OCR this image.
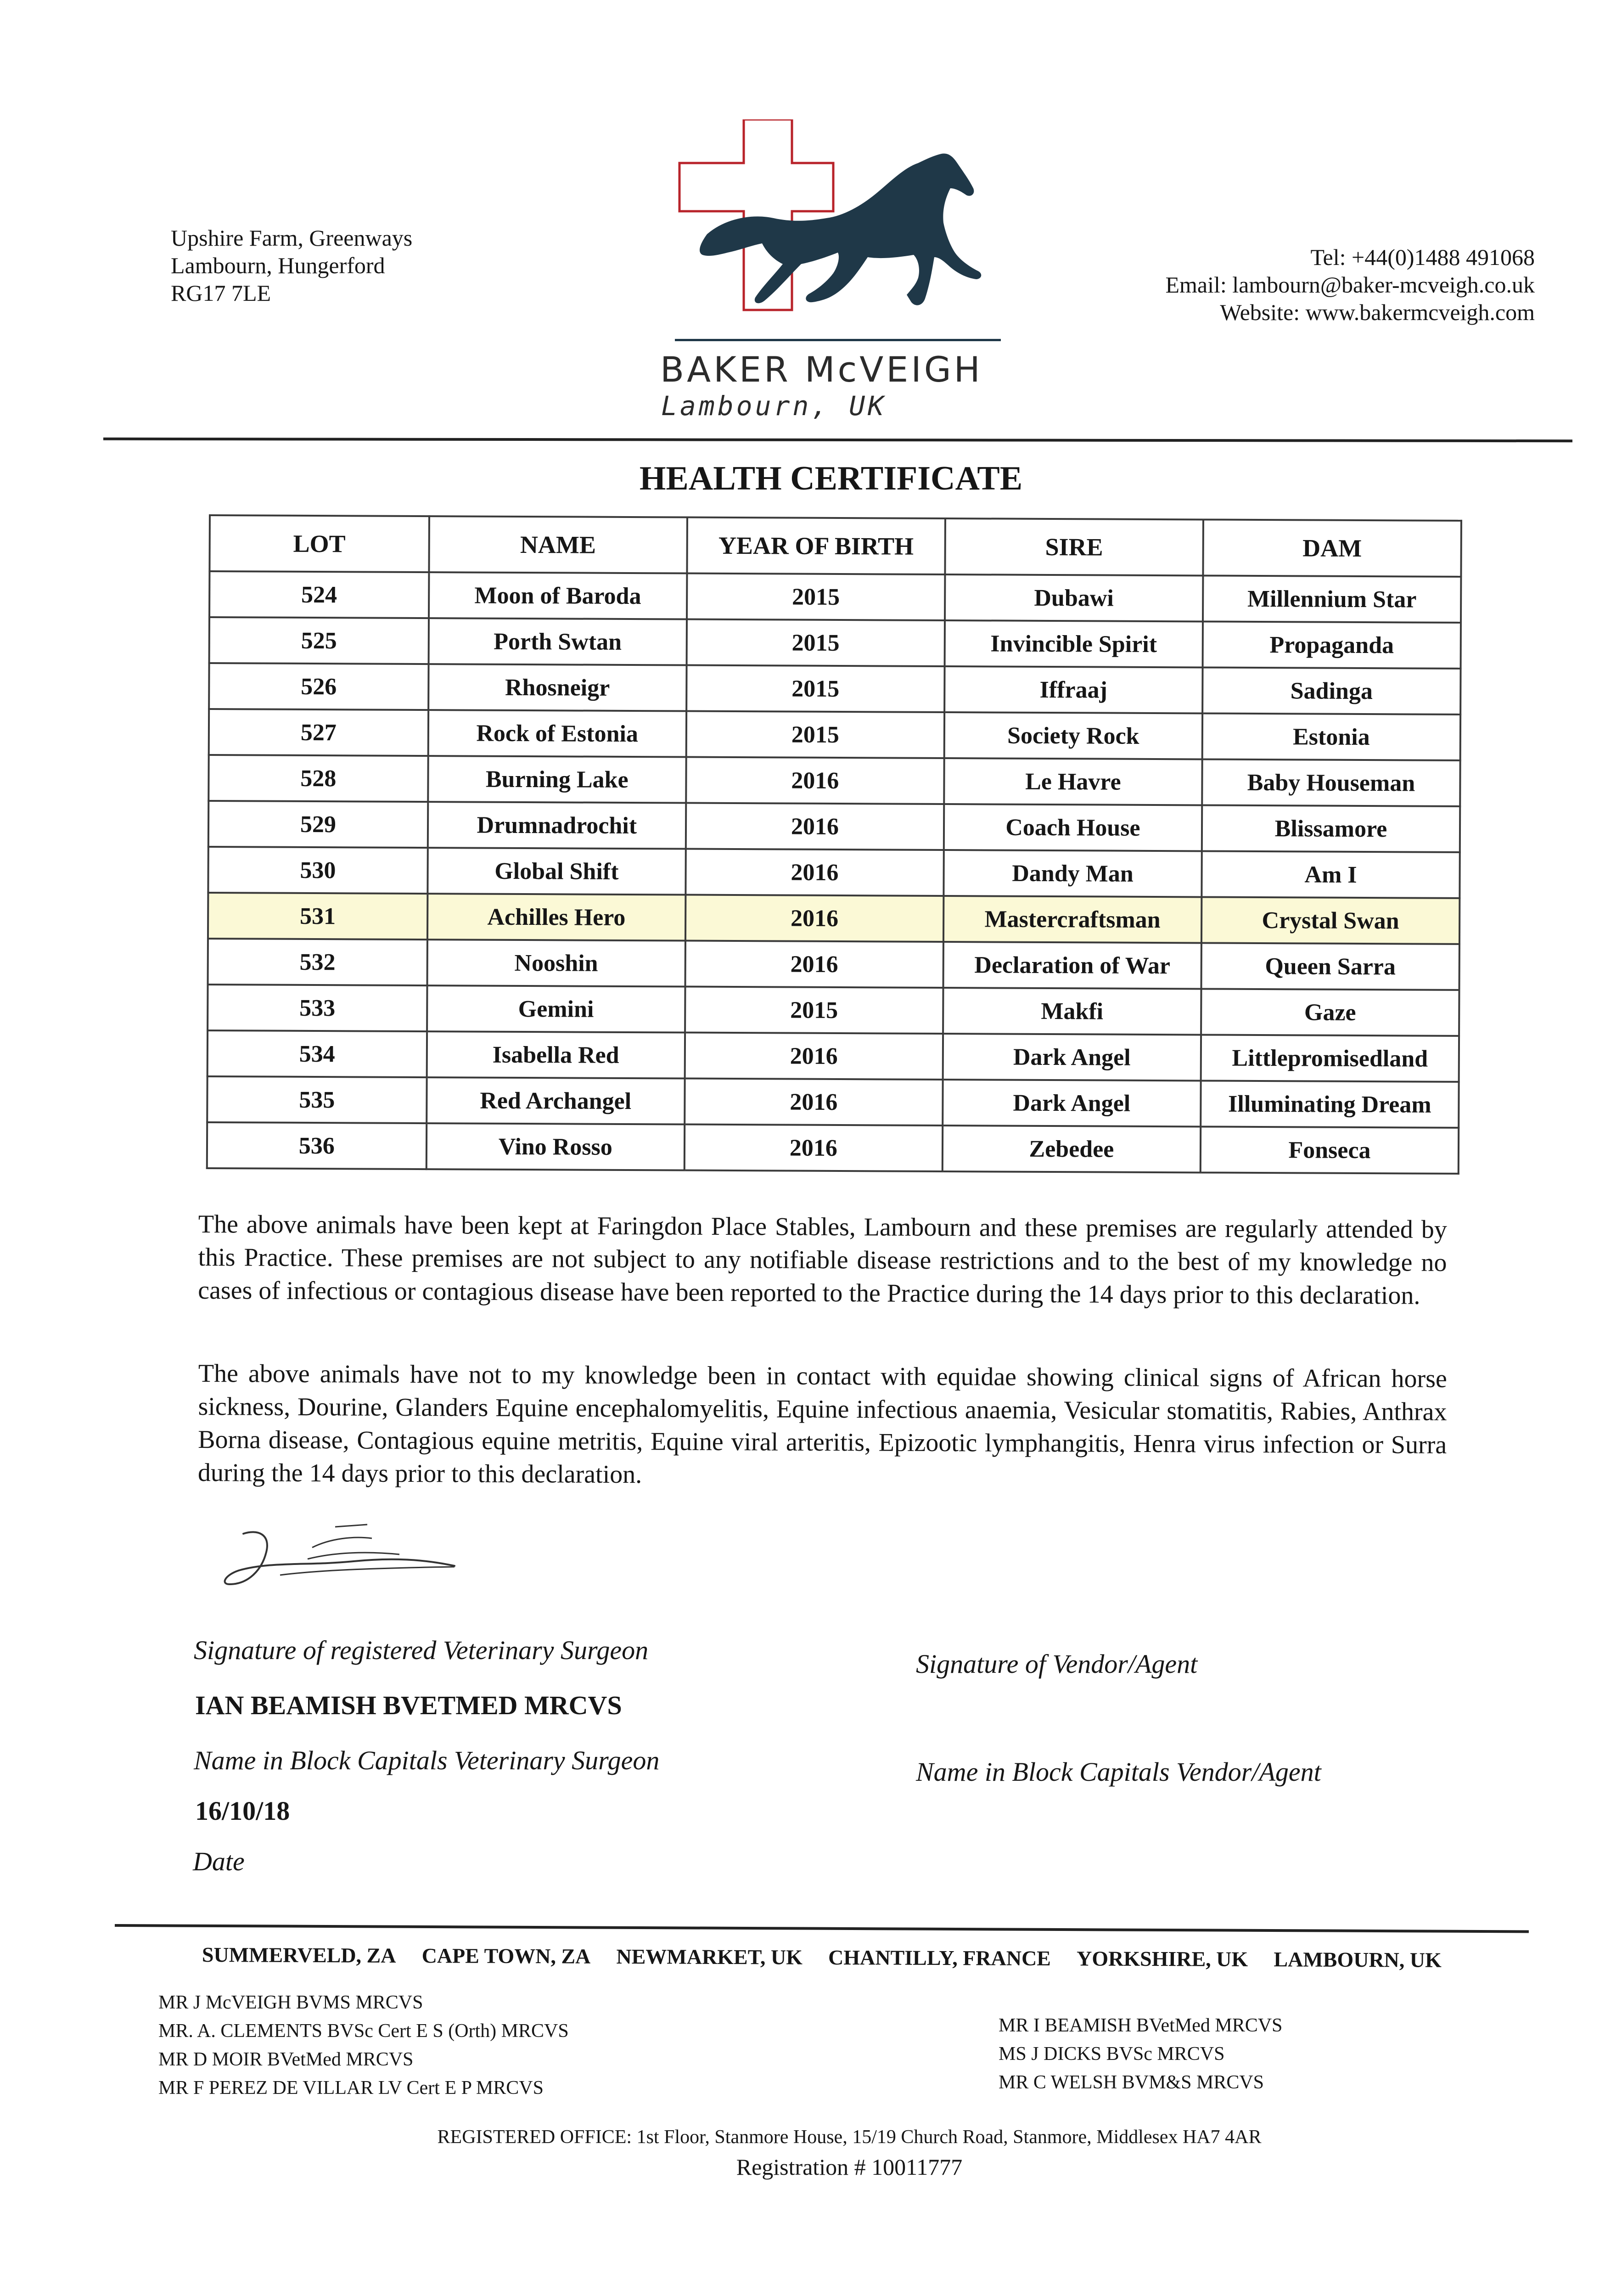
Upshire Farm, Greenways
Lambourn, Hungerford
RG17 7LE
BAKER McVEIGH
Lambourn, UK
Tel: +44(0)1488 491068
Email: lambourn@baker-mcveigh.co.uk
Website: www.bakermcveigh.com
HEALTH CERTIFICATE
LOT	NAME	YEAR OF BIRTH	SIRE	DAM
524	Moon of Baroda	2015	Dubawi	Millennium Star
525	Porth Swtan	2015	Invincible Spirit	Propaganda
526	Rhosneigr	2015	Iffraaj	Sadinga
527	Rock of Estonia	2015	Society Rock	Estonia
528	Burning Lake	2016	Le Havre	Baby Houseman
529	Drumnadrochit	2016	Coach House	Blissamore
530	Global Shift	2016	Dandy Man	Am I
531	Achilles Hero	2016	Mastercraftsman	Crystal Swan
532	Nooshin	2016	Declaration of War	Queen Sarra
533	Gemini	2015	Makfi	Gaze
534	Isabella Red	2016	Dark Angel	Littlepromisedland
535	Red Archangel	2016	Dark Angel	Illuminating Dream
536	Vino Rosso	2016	Zebedee	Fonseca
The above animals have been kept at Faringdon Place Stables, Lambourn and these premises are regularly attended by this Practice. These premises are not subject to any notifiable disease restrictions and to the best of my knowledge no cases of infectious or contagious disease have been reported to the Practice during the 14 days prior to this declaration.
The above animals have not to my knowledge been in contact with equidae showing clinical signs of African horse sickness, Dourine, Glanders Equine encephalomyelitis, Equine infectious anaemia, Vesicular stomatitis, Rabies, Anthrax Borna disease, Contagious equine metritis, Equine viral arteritis, Epizootic lymphangitis, Henra virus infection or Surra during the 14 days prior to this declaration.
Signature of registered Veterinary Surgeon
IAN BEAMISH BVETMED MRCVS
Name in Block Capitals Veterinary Surgeon
16/10/18
Date
Signature of Vendor/Agent
Name in Block Capitals Vendor/Agent
SUMMERVELD, ZA CAPE TOWN, ZA NEWMARKET, UK CHANTILLY, FRANCE YORKSHIRE, UK LAMBOURN, UK
MR J McVEIGH BVMS MRCVS
MR. A. CLEMENTS BVSc Cert E S (Orth) MRCVS
MR D MOIR BVetMed MRCVS
MR F PEREZ DE VILLAR LV Cert E P MRCVS
MR I BEAMISH BVetMed MRCVS
MS J DICKS BVSc MRCVS
MR C WELSH BVM&S MRCVS
REGISTERED OFFICE: 1st Floor, Stanmore House, 15/19 Church Road, Stanmore, Middlesex HA7 4AR
Registration # 10011777
